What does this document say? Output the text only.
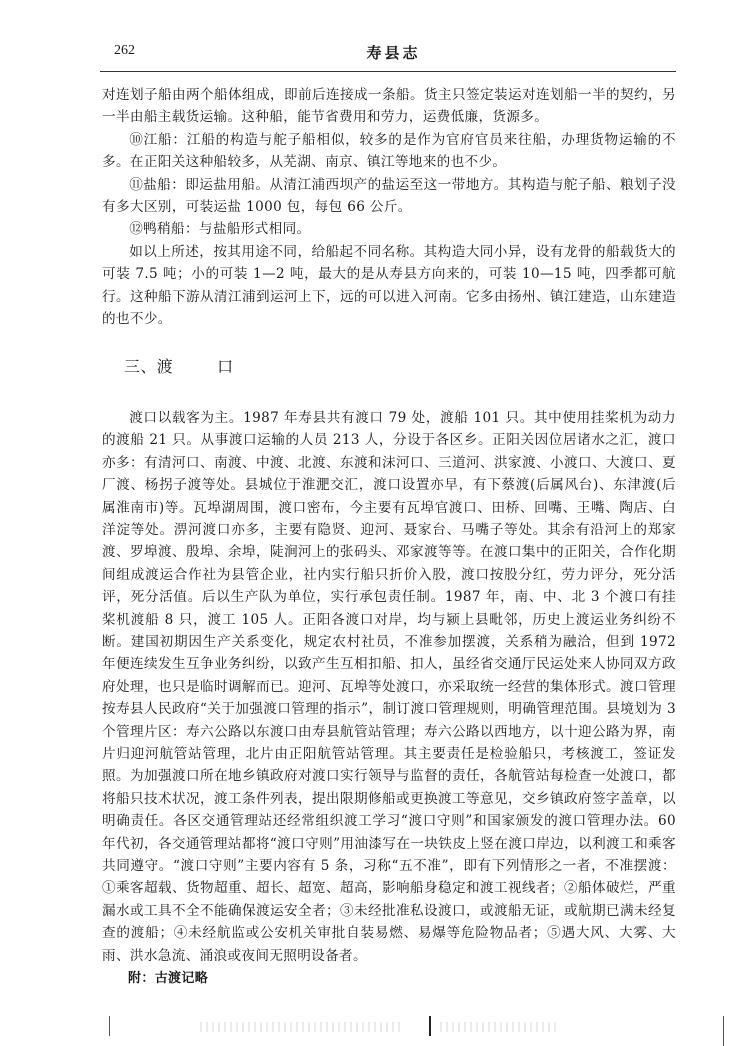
262	寿县志

对连划子船由两个船体组成，即前后连接成一条船。货主只签定装运对连划船一半的契约，另一半由船主载货运输。这种船，能节省费用和劳力，运费低廉，货源多。

⑩江船：江船的构造与舵子船相似，较多的是作为官府官员来往船，办理货物运输的不多。在正阳关这种船较多，从芜湖、南京、镇江等地来的也不少。

⑪盐船：即运盐用船。从清江浦西坝产的盐运至这一带地方。其构造与舵子船、粮划子没有多大区别，可装运盐 1000 包，每包 66 公斤。

⑫鸭稍船：与盐船形式相同。

如以上所述，按其用途不同，给船起不同名称。其构造大同小异，设有龙骨的船载货大的可装 7.5 吨；小的可装 1—2 吨，最大的是从寿县方向来的，可装 10—15 吨，四季都可航行。这种船下游从清江浦到运河上下，远的可以进入河南。它多由扬州、镇江建造，山东建造的也不少。

三、渡	口

渡口以载客为主。1987 年寿县共有渡口 79 处，渡船 101 只。其中使用挂桨机为动力的渡船 21 只。从事渡口运输的人员 213 人，分设于各区乡。正阳关因位居诸水之汇，渡口亦多：有清河口、南渡、中渡、北渡、东渡和沫河口、三道河、洪家渡、小渡口、大渡口、夏厂渡、杨拐子渡等处。县城位于淮淝交汇，渡口设置亦早，有下蔡渡(后属风台)、东津渡(后属淮南市)等。瓦埠湖周围，渡口密布，今主要有瓦埠官渡口、田桥、回嘴、王嘴、陶店、白洋淀等处。淠河渡口亦多，主要有隐贤、迎河、聂家台、马嘴子等处。其余有沿河上的郑家渡、罗埠渡、殷埠、余埠，陡涧河上的张码头、邓家渡等等。在渡口集中的正阳关，合作化期间组成渡运合作社为县管企业，社内实行船只折价入股，渡口按股分红，劳力评分，死分活评，死分活值。后以生产队为单位，实行承包责任制。1987 年，南、中、北 3 个渡口有挂桨机渡船 8 只，渡工 105 人。正阳各渡口对岸，均与颍上县毗邻，历史上渡运业务纠纷不断。建国初期因生产关系变化，规定农村社员，不准参加摆渡，关系稍为融洽，但到 1972 年便连续发生互争业务纠纷，以致产生互相扣船、扣人，虽经省交通厅民运处来人协同双方政府处理，也只是临时调解而已。迎河、瓦埠等处渡口，亦采取统一经营的集体形式。渡口管理按寿县人民政府“关于加强渡口管理的指示”，制订渡口管理规则，明确管理范围。县境划为 3 个管理片区：寿六公路以东渡口由寿县航管站管理；寿六公路以西地方，以十迎公路为界，南片归迎河航管站管理，北片由正阳航管站管理。其主要责任是检验船只，考核渡工，签证发照。为加强渡口所在地乡镇政府对渡口实行领导与监督的责任，各航管站每检查一处渡口，都将船只技术状况，渡工条件列表，提出限期修船或更换渡工等意见，交乡镇政府签字盖章，以明确责任。各区交通管理站还经常组织渡工学习“渡口守则”和国家颁发的渡口管理办法。60 年代初，各交通管理站都将“渡口守则”用油漆写在一块铁皮上竖在渡口岸边，以利渡工和乘客共同遵守。“渡口守则”主要内容有 5 条，习称“五不准”，即有下列情形之一者，不准摆渡：①乘客超载、货物超重、超长、超宽、超高，影响船身稳定和渡工视线者；②船体破烂，严重漏水或工具不全不能确保渡运安全者；③未经批准私设渡口，或渡船无证，或航期已满未经复查的渡船；④未经航监或公安机关审批自装易燃、易爆等危险物品者；⑤遇大风、大雾、大雨、洪水急流、涌浪或夜间无照明设备者。

附：古渡记略
